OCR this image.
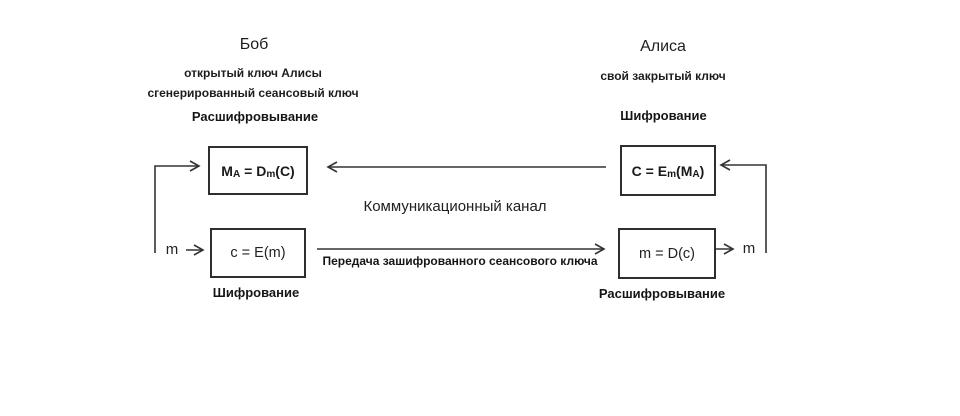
Боб
открытый ключ Алисы
сгенерированный сеансовый ключ
Расшифровывание
MA = Dm(C)
c = E(m)
Шифрование
m
Алиса
свой закрытый ключ
Шифрование
C = Em(MA)
m = D(c)
Расшифровывание
m
Коммуникационный канал
Передача зашифрованного сеансового ключа
